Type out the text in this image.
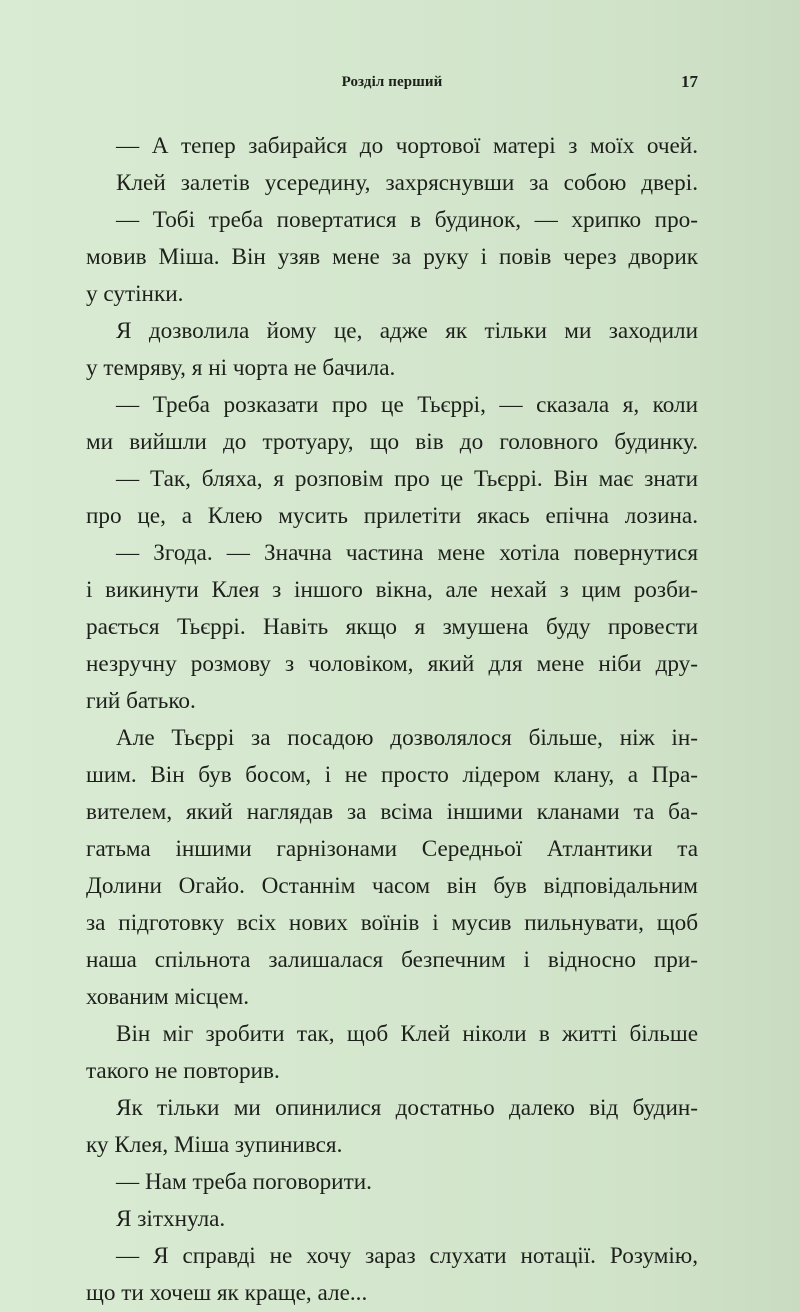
Розділ перший	17
— А тепер забирайся до чортової матері з моїх очей.
Клей залетів усередину, захряснувши за собою двері.
— Тобі треба повертатися в будинок, — хрипко про-
мовив Міша. Він узяв мене за руку і повів через дворик
у сутінки.
Я дозволила йому це, адже як тільки ми заходили
у темряву, я ні чорта не бачила.
— Треба розказати про це Тьєррі, — сказала я, коли
ми вийшли до тротуару, що вів до головного будинку.
— Так, бляха, я розповім про це Тьєррі. Він має знати
про це, а Клею мусить прилетіти якась епічна лозина.
— Згода. — Значна частина мене хотіла повернутися
і викинути Клея з іншого вікна, але нехай з цим розби-
рається Тьєррі. Навіть якщо я змушена буду провести
незручну розмову з чоловіком, який для мене ніби дру-
гий батько.
Але Тьєррі за посадою дозволялося більше, ніж ін-
шим. Він був босом, і не просто лідером клану, а Пра-
вителем, який наглядав за всіма іншими кланами та ба-
гатьма іншими гарнізонами Середньої Атлантики та
Долини Огайо. Останнім часом він був відповідальним
за підготовку всіх нових воїнів і мусив пильнувати, щоб
наша спільнота залишалася безпечним і відносно при-
хованим місцем.
Він міг зробити так, щоб Клей ніколи в житті більше
такого не повторив.
Як тільки ми опинилися достатньо далеко від будин-
ку Клея, Міша зупинився.
— Нам треба поговорити.
Я зітхнула.
— Я справді не хочу зараз слухати нотації. Розумію,
що ти хочеш як краще, але...
